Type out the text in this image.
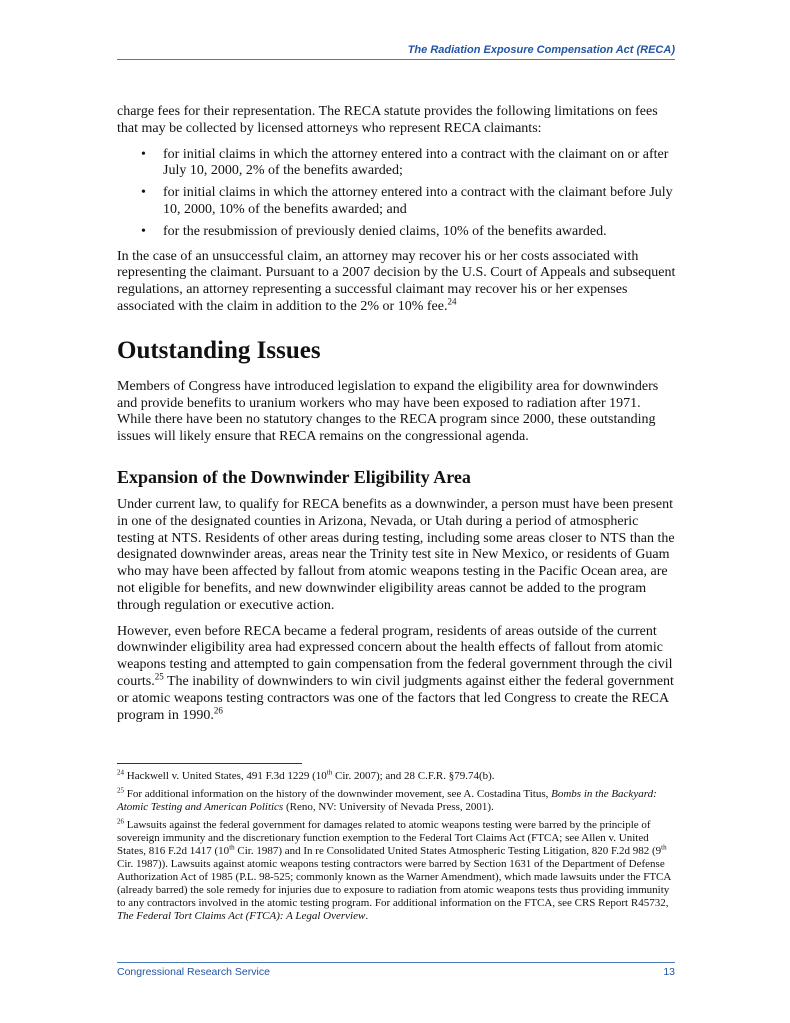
The Radiation Exposure Compensation Act (RECA)

charge fees for their representation. The RECA statute provides the following limitations on fees that may be collected by licensed attorneys who represent RECA claimants:

• for initial claims in which the attorney entered into a contract with the claimant on or after July 10, 2000, 2% of the benefits awarded;
• for initial claims in which the attorney entered into a contract with the claimant before July 10, 2000, 10% of the benefits awarded; and
• for the resubmission of previously denied claims, 10% of the benefits awarded.

In the case of an unsuccessful claim, an attorney may recover his or her costs associated with representing the claimant. Pursuant to a 2007 decision by the U.S. Court of Appeals and subsequent regulations, an attorney representing a successful claimant may recover his or her expenses associated with the claim in addition to the 2% or 10% fee.$^{24}$

Outstanding Issues

Members of Congress have introduced legislation to expand the eligibility area for downwinders and provide benefits to uranium workers who may have been exposed to radiation after 1971. While there have been no statutory changes to the RECA program since 2000, these outstanding issues will likely ensure that RECA remains on the congressional agenda.

Expansion of the Downwinder Eligibility Area

Under current law, to qualify for RECA benefits as a downwinder, a person must have been present in one of the designated counties in Arizona, Nevada, or Utah during a period of atmospheric testing at NTS. Residents of other areas during testing, including some areas closer to NTS than the designated downwinder areas, areas near the Trinity test site in New Mexico, or residents of Guam who may have been affected by fallout from atomic weapons testing in the Pacific Ocean area, are not eligible for benefits, and new downwinder eligibility areas cannot be added to the program through regulation or executive action.

However, even before RECA became a federal program, residents of areas outside of the current downwinder eligibility area had expressed concern about the health effects of fallout from atomic weapons testing and attempted to gain compensation from the federal government through the civil courts.$^{25}$ The inability of downwinders to win civil judgments against either the federal government or atomic weapons testing contractors was one of the factors that led Congress to create the RECA program in 1990.26

$^{24}$ Hackwell v. United States, 491 F.3d 1229 (10th Cir. 2007); and 28 C.F.R. §79.74(b).

$^{25}$ For additional information on the history of the downwinder movement, see A. Costadina Titus, Bombs in the Backyard: Atomic Testing and American Politics (Reno, NV: University of Nevada Press, 2001).

$^{26}$ Lawsuits against the federal government for damages related to atomic weapons testing were barred by the principle of sovereign immunity and the discretionary function exemption to the Federal Tort Claims Act (FTCA; see Allen v. United States, 816 F.2d 1417 (10th Cir. 1987) and In re Consolidated United States Atmospheric Testing Litigation, 820 F.2d 982 (9th Cir. 1987)). Lawsuits against atomic weapons testing contractors were barred by Section 1631 of the Department of Defense Authorization Act of 1985 (P.L. 98-525; commonly known as the Warner Amendment), which made lawsuits under the FTCA (already barred) the sole remedy for injuries due to exposure to radiation from atomic weapons tests thus providing immunity to any contractors involved in the atomic testing program. For additional information on the FTCA, see CRS Report R45732, The Federal Tort Claims Act (FTCA): A Legal Overview.

Congressional Research Service	13
